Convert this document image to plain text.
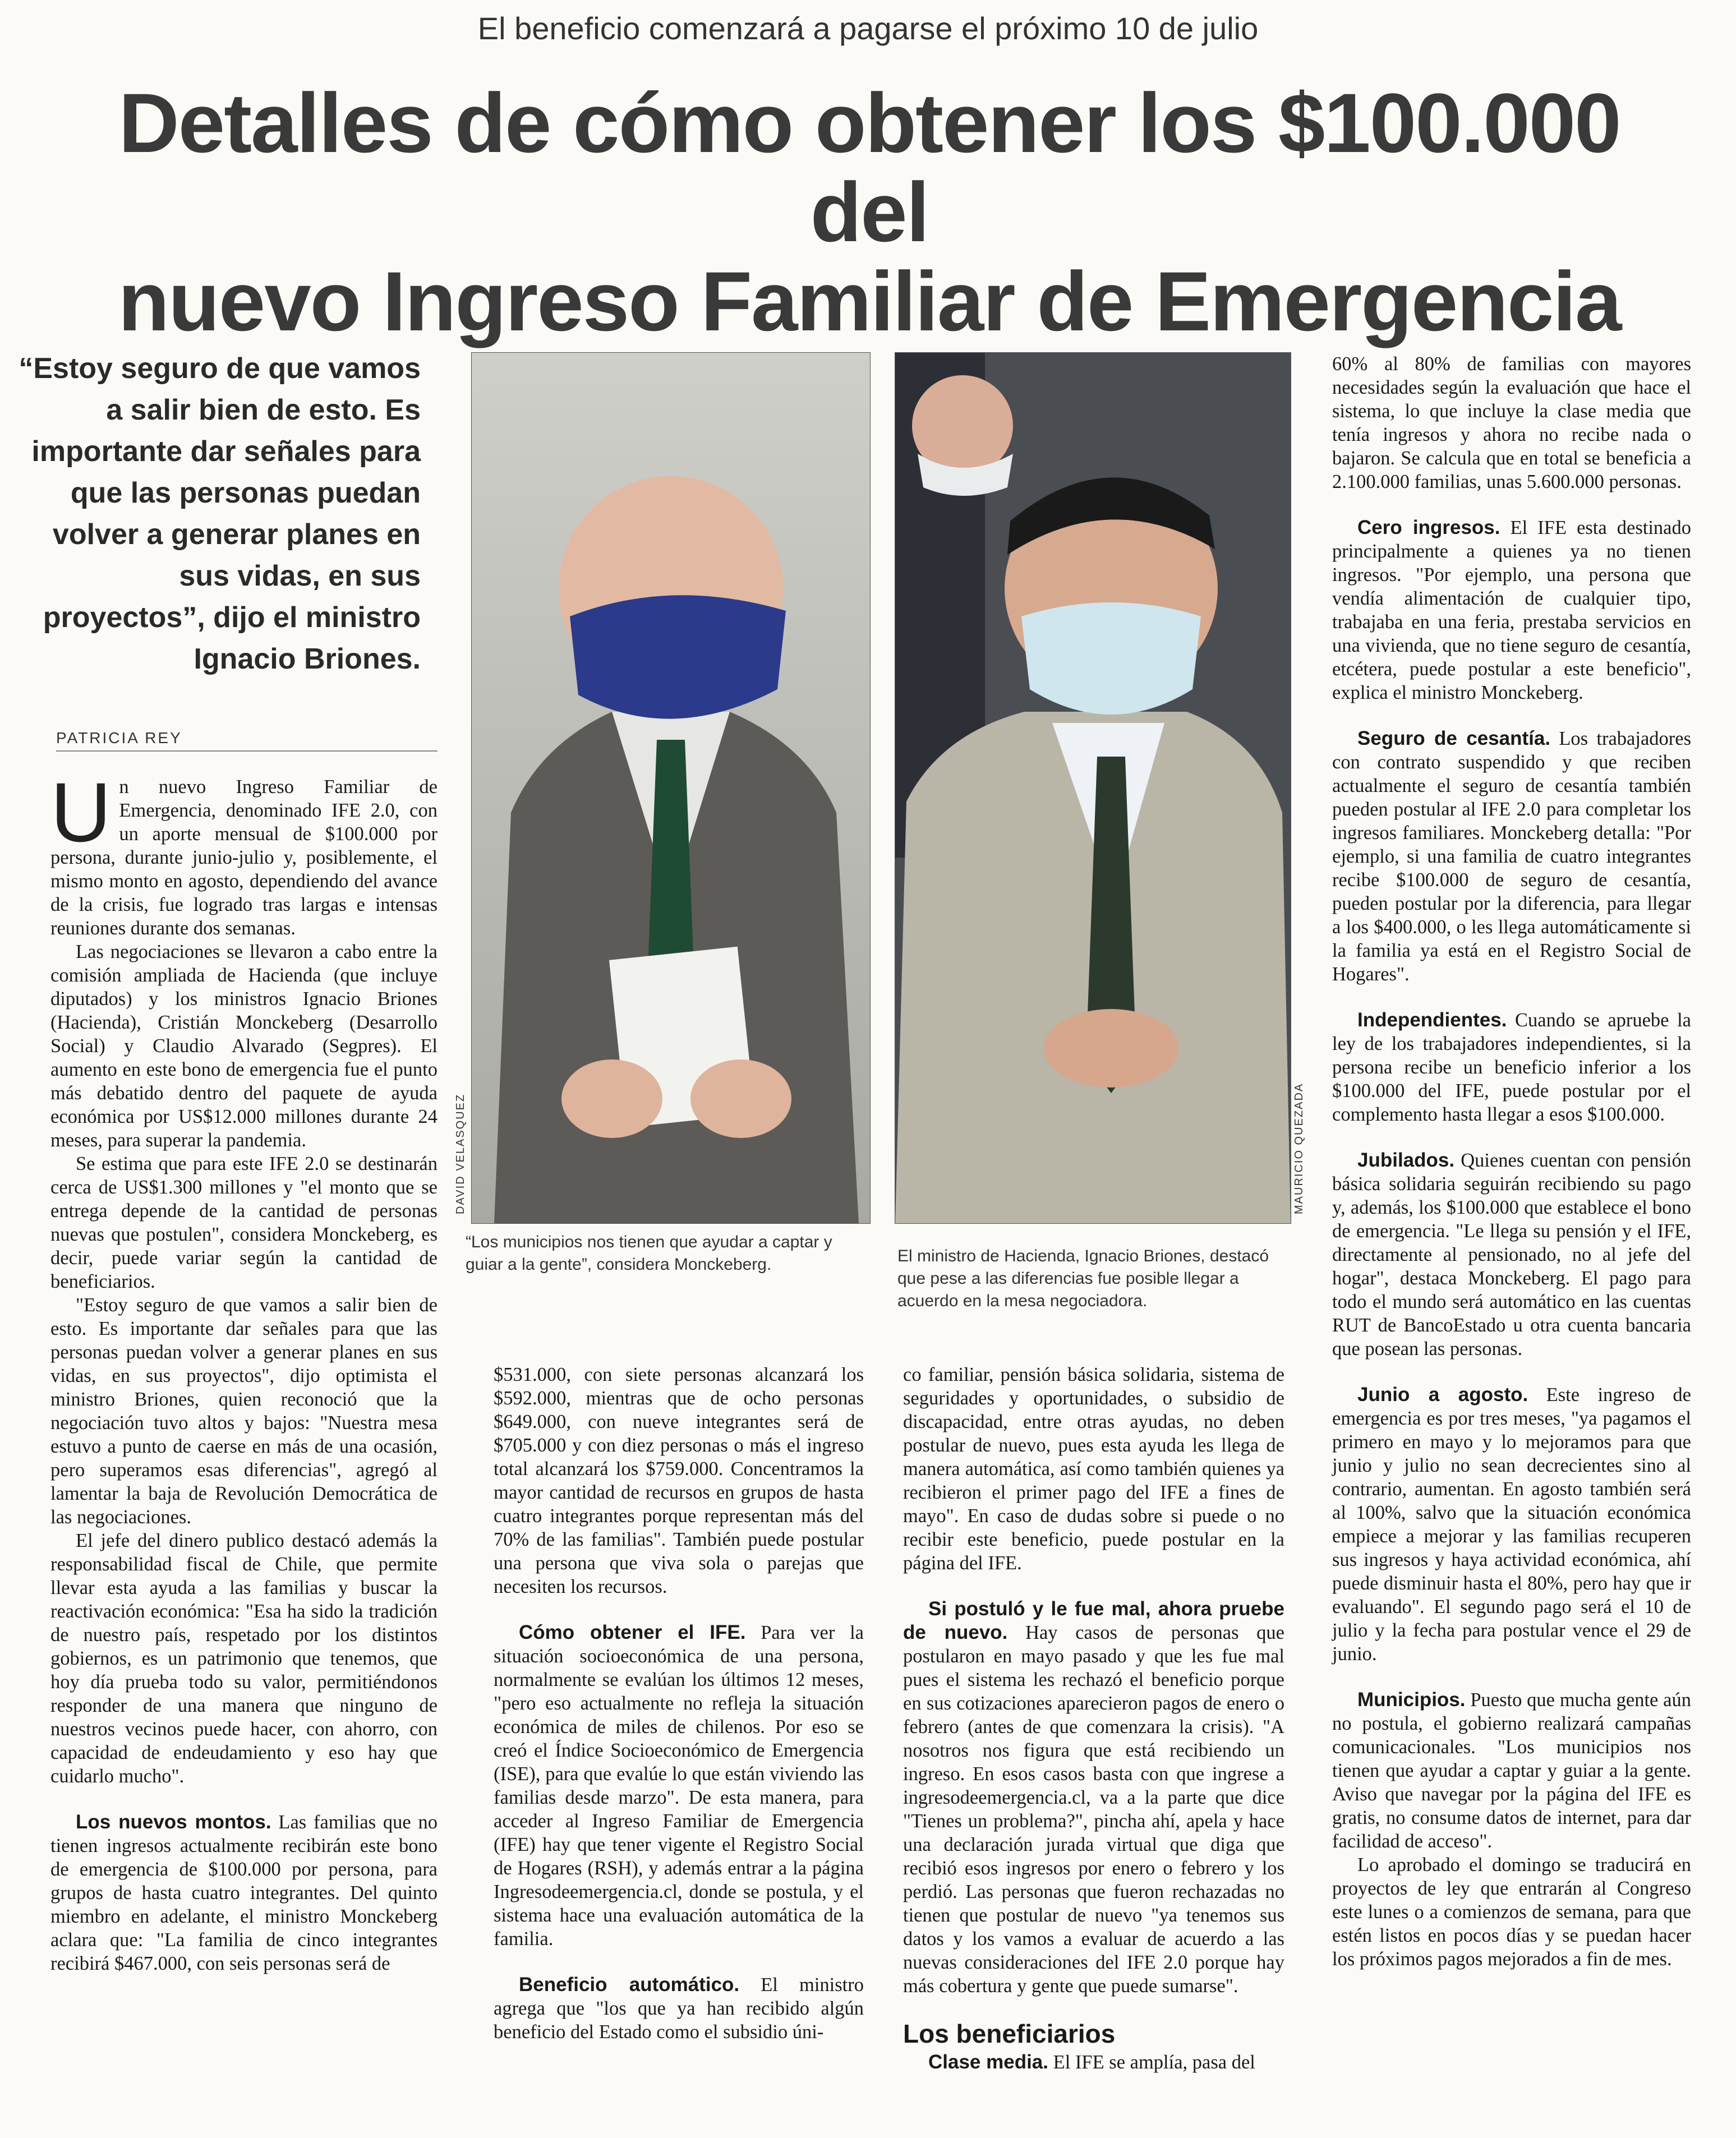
El beneficio comenzará a pagarse el próximo 10 de julio
Detalles de cómo obtener los $100.000 del
nuevo Ingreso Familiar de Emergencia
“Estoy seguro de que vamos a salir bien de esto. Es importante dar señales para que las personas puedan volver a generar planes en sus vidas, en sus proyectos”, dijo el ministro Ignacio Briones.
PATRICIA REY

Un nuevo Ingreso Familiar de Emergencia, denominado IFE 2.0, con un aporte mensual de $100.000 por persona, durante junio-julio y, posiblemente, el mismo monto en agosto, dependiendo del avance de la crisis, fue logrado tras largas e intensas reuniones durante dos semanas.

Las negociaciones se llevaron a cabo entre la comisión ampliada de Hacienda (que incluye diputados) y los ministros Ignacio Briones (Hacienda), Cristián Monckeberg (Desarrollo Social) y Claudio Alvarado (Segpres). El aumento en este bono de emergencia fue el punto más debatido dentro del paquete de ayuda económica por US$12.000 millones durante 24 meses, para superar la pandemia.

Se estima que para este IFE 2.0 se destinarán cerca de US$1.300 millones y "el monto que se entrega depende de la cantidad de personas nuevas que postulen", considera Monckeberg, es decir, puede variar según la cantidad de beneficiarios.

"Estoy seguro de que vamos a salir bien de esto. Es importante dar señales para que las personas puedan volver a generar planes en sus vidas, en sus proyectos", dijo optimista el ministro Briones, quien reconoció que la negociación tuvo altos y bajos: "Nuestra mesa estuvo a punto de caerse en más de una ocasión, pero superamos esas diferencias", agregó al lamentar la baja de Revolución Democrática de las negociaciones.

El jefe del dinero publico destacó además la responsabilidad fiscal de Chile, que permite llevar esta ayuda a las familias y buscar la reactivación económica: "Esa ha sido la tradición de nuestro país, respetado por los distintos gobiernos, es un patrimonio que tenemos, que hoy día prueba todo su valor, permitiéndonos responder de una manera que ninguno de nuestros vecinos puede hacer, con ahorro, con capacidad de endeudamiento y eso hay que cuidarlo mucho".

Los nuevos montos. Las familias que no tienen ingresos actualmente recibirán este bono de emergencia de $100.000 por persona, para grupos de hasta cuatro integrantes. Del quinto miembro en adelante, el ministro Monckeberg aclara que: "La familia de cinco integrantes recibirá $467.000, con seis personas será de

DAVID VELASQUEZ
“Los municipios nos tienen que ayudar a captar y guiar a la gente”, considera Monckeberg.
MAURICIO QUEZADA
El ministro de Hacienda, Ignacio Briones, destacó que pese a las diferencias fue posible llegar a acuerdo en la mesa negociadora.

$531.000, con siete personas alcanzará los $592.000, mientras que de ocho personas $649.000, con nueve integrantes será de $705.000 y con diez personas o más el ingreso total alcanzará los $759.000. Concentramos la mayor cantidad de recursos en grupos de hasta cuatro integrantes porque representan más del 70% de las familias". También puede postular una persona que viva sola o parejas que necesiten los recursos.

Cómo obtener el IFE. Para ver la situación socioeconómica de una persona, normalmente se evalúan los últimos 12 meses, "pero eso actualmente no refleja la situación económica de miles de chilenos. Por eso se creó el Índice Socioeconómico de Emergencia (ISE), para que evalúe lo que están viviendo las familias desde marzo". De esta manera, para acceder al Ingreso Familiar de Emergencia (IFE) hay que tener vigente el Registro Social de Hogares (RSH), y además entrar a la página Ingresodeemergencia.cl, donde se postula, y el sistema hace una evaluación automática de la familia.

Beneficio automático. El ministro agrega que "los que ya han recibido algún beneficio del Estado como el subsidio úni-

co familiar, pensión básica solidaria, sistema de seguridades y oportunidades, o subsidio de discapacidad, entre otras ayudas, no deben postular de nuevo, pues esta ayuda les llega de manera automática, así como también quienes ya recibieron el primer pago del IFE a fines de mayo". En caso de dudas sobre si puede o no recibir este beneficio, puede postular en la página del IFE.

Si postuló y le fue mal, ahora pruebe de nuevo. Hay casos de personas que postularon en mayo pasado y que les fue mal pues el sistema les rechazó el beneficio porque en sus cotizaciones aparecieron pagos de enero o febrero (antes de que comenzara la crisis). "A nosotros nos figura que está recibiendo un ingreso. En esos casos basta con que ingrese a ingresodeemergencia.cl, va a la parte que dice "Tienes un problema?", pincha ahí, apela y hace una declaración jurada virtual que diga que recibió esos ingresos por enero o febrero y los perdió. Las personas que fueron rechazadas no tienen que postular de nuevo "ya tenemos sus datos y los vamos a evaluar de acuerdo a las nuevas consideraciones del IFE 2.0 porque hay más cobertura y gente que puede sumarse".

Los beneficiarios

Clase media. El IFE se amplía, pasa del

60% al 80% de familias con mayores necesidades según la evaluación que hace el sistema, lo que incluye la clase media que tenía ingresos y ahora no recibe nada o bajaron. Se calcula que en total se beneficia a 2.100.000 familias, unas 5.600.000 personas.

Cero ingresos. El IFE esta destinado principalmente a quienes ya no tienen ingresos. "Por ejemplo, una persona que vendía alimentación de cualquier tipo, trabajaba en una feria, prestaba servicios en una vivienda, que no tiene seguro de cesantía, etcétera, puede postular a este beneficio", explica el ministro Monckeberg.

Seguro de cesantía. Los trabajadores con contrato suspendido y que reciben actualmente el seguro de cesantía también pueden postular al IFE 2.0 para completar los ingresos familiares. Monckeberg detalla: "Por ejemplo, si una familia de cuatro integrantes recibe $100.000 de seguro de cesantía, pueden postular por la diferencia, para llegar a los $400.000, o les llega automáticamente si la familia ya está en el Registro Social de Hogares".

Independientes. Cuando se apruebe la ley de los trabajadores independientes, si la persona recibe un beneficio inferior a los $100.000 del IFE, puede postular por el complemento hasta llegar a esos $100.000.

Jubilados. Quienes cuentan con pensión básica solidaria seguirán recibiendo su pago y, además, los $100.000 que establece el bono de emergencia. "Le llega su pensión y el IFE, directamente al pensionado, no al jefe del hogar", destaca Monckeberg. El pago para todo el mundo será automático en las cuentas RUT de BancoEstado u otra cuenta bancaria que posean las personas.

Junio a agosto. Este ingreso de emergencia es por tres meses, "ya pagamos el primero en mayo y lo mejoramos para que junio y julio no sean decrecientes sino al contrario, aumentan. En agosto también será al 100%, salvo que la situación económica empiece a mejorar y las familias recuperen sus ingresos y haya actividad económica, ahí puede disminuir hasta el 80%, pero hay que ir evaluando". El segundo pago será el 10 de julio y la fecha para postular vence el 29 de junio.

Municipios. Puesto que mucha gente aún no postula, el gobierno realizará campañas comunicacionales. "Los municipios nos tienen que ayudar a captar y guiar a la gente. Aviso que navegar por la página del IFE es gratis, no consume datos de internet, para dar facilidad de acceso".

Lo aprobado el domingo se traducirá en proyectos de ley que entrarán al Congreso este lunes o a comienzos de semana, para que estén listos en pocos días y se puedan hacer los próximos pagos mejorados a fin de mes.
